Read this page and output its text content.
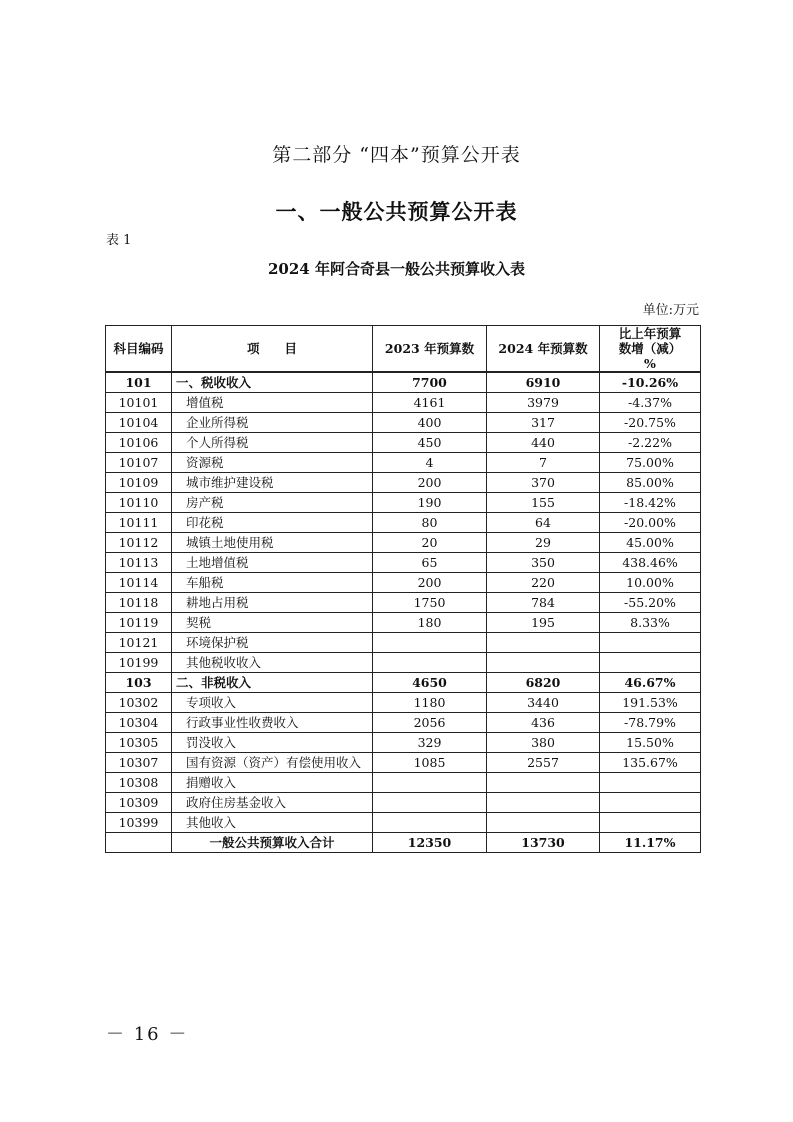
第二部分 “四本”预算公开表
一、一般公共预算公开表
表 1
2024 年阿合奇县一般公共预算收入表
单位:万元
科目编码	项　　目	2023 年预算数	2024 年预算数	比上年预算数增（减）%
101	一、税收收入	7700	6910	-10.26%
10101	增值税	4161	3979	-4.37%
10104	企业所得税	400	317	-20.75%
10106	个人所得税	450	440	-2.22%
10107	资源税	4	7	75.00%
10109	城市维护建设税	200	370	85.00%
10110	房产税	190	155	-18.42%
10111	印花税	80	64	-20.00%
10112	城镇土地使用税	20	29	45.00%
10113	土地增值税	65	350	438.46%
10114	车船税	200	220	10.00%
10118	耕地占用税	1750	784	-55.20%
10119	契税	180	195	8.33%
10121	环境保护税			
10199	其他税收收入			
103	二、非税收入	4650	6820	46.67%
10302	专项收入	1180	3440	191.53%
10304	行政事业性收费收入	2056	436	-78.79%
10305	罚没收入	329	380	15.50%
10307	国有资源（资产）有偿使用收入	1085	2557	135.67%
10308	捐赠收入			
10309	政府住房基金收入			
10399	其他收入			
	一般公共预算收入合计	12350	13730	11.17%
－ 16 －
